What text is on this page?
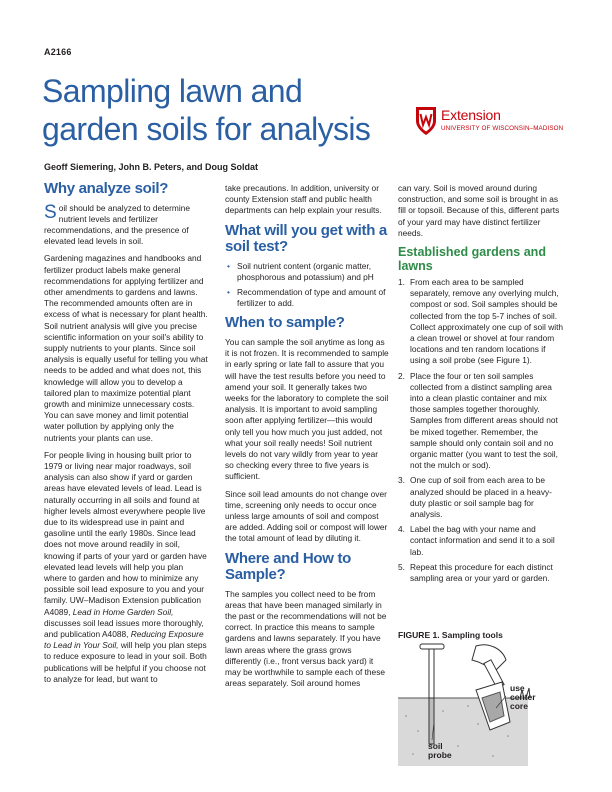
A2166
Sampling lawn and
garden soils for analysis	Extension
UNIVERSITY OF WISCONSIN–MADISON
Geoff Siemering, John B. Peters, and Doug Soldat
Why analyze soil?

Soil should be analyzed to determine nutrient levels and fertilizer recommendations, and the presence of elevated lead levels in soil.

Gardening magazines and handbooks and fertilizer product labels make general recommendations for applying fertilizer and other amendments to gardens and lawns. The recommended amounts often are in excess of what is necessary for plant health. Soil nutrient analysis will give you precise scientific information on your soil's ability to supply nutrients to your plants. Since soil analysis is equally useful for telling you what needs to be added and what does not, this knowledge will allow you to develop a tailored plan to maximize potential plant growth and minimize unnecessary costs. You can save money and limit potential water pollution by applying only the nutrients your plants can use.

For people living in housing built prior to 1979 or living near major roadways, soil analysis can also show if yard or garden areas have elevated levels of lead. Lead is naturally occurring in all soils and found at higher levels almost everywhere people live due to its widespread use in paint and gasoline until the early 1980s. Since lead does not move around readily in soil, knowing if parts of your yard or garden have elevated lead levels will help you plan where to garden and how to minimize any possible soil lead exposure to you and your family. UW–Madison Extension publication A4089, Lead in Home Garden Soil, discusses soil lead issues more thoroughly, and publication A4088, Reducing Exposure to Lead in Your Soil, will help you plan steps to reduce exposure to lead in your soil. Both publications will be helpful if you choose not to analyze for lead, but want to

take precautions. In addition, university or county Extension staff and public health departments can help explain your results.

What will you get with a soil test?
• Soil nutrient content (organic matter, phosphorous and potassium) and pH
• Recommendation of type and amount of fertilizer to add.
When to sample?

You can sample the soil anytime as long as it is not frozen. It is recommended to sample in early spring or late fall to assure that you will have the test results before you need to amend your soil. It generally takes two weeks for the laboratory to complete the soil analysis. It is important to avoid sampling soon after applying fertilizer—this would only tell you how much you just added, not what your soil really needs! Soil nutrient levels do not vary wildly from year to year so checking every three to five years is sufficient.

Since soil lead amounts do not change over time, screening only needs to occur once unless large amounts of soil and compost are added. Adding soil or compost will lower the total amount of lead by diluting it.

Where and How to Sample?

The samples you collect need to be from areas that have been managed similarly in the past or the recommendations will not be correct. In practice this means to sample gardens and lawns separately. If you have lawn areas where the grass grows differently (i.e., front versus back yard) it may be worthwhile to sample each of these areas separately. Soil around homes

can vary. Soil is moved around during construction, and some soil is brought in as fill or topsoil. Because of this, different parts of your yard may have distinct fertilizer needs.

Established gardens and lawns
1. From each area to be sampled separately, remove any overlying mulch, compost or sod. Soil samples should be collected from the top 5-7 inches of soil. Collect approximately one cup of soil with a clean trowel or shovel at four random locations and ten random locations if using a soil probe (see Figure 1).
2. Place the four or ten soil samples collected from a distinct sampling area into a clean plastic container and mix those samples together thoroughly. Samples from different areas should not be mixed together. Remember, the sample should only contain soil and no organic matter (you want to test the soil, not the mulch or sod).
3. One cup of soil from each area to be analyzed should be placed in a heavy-duty plastic or soil sample bag for analysis.
4. Label the bag with your name and contact information and send it to a soil lab.
5. Repeat this procedure for each distinct sampling area or your yard or garden.
FIGURE 1. Sampling tools
soil
probe
use
center
core
